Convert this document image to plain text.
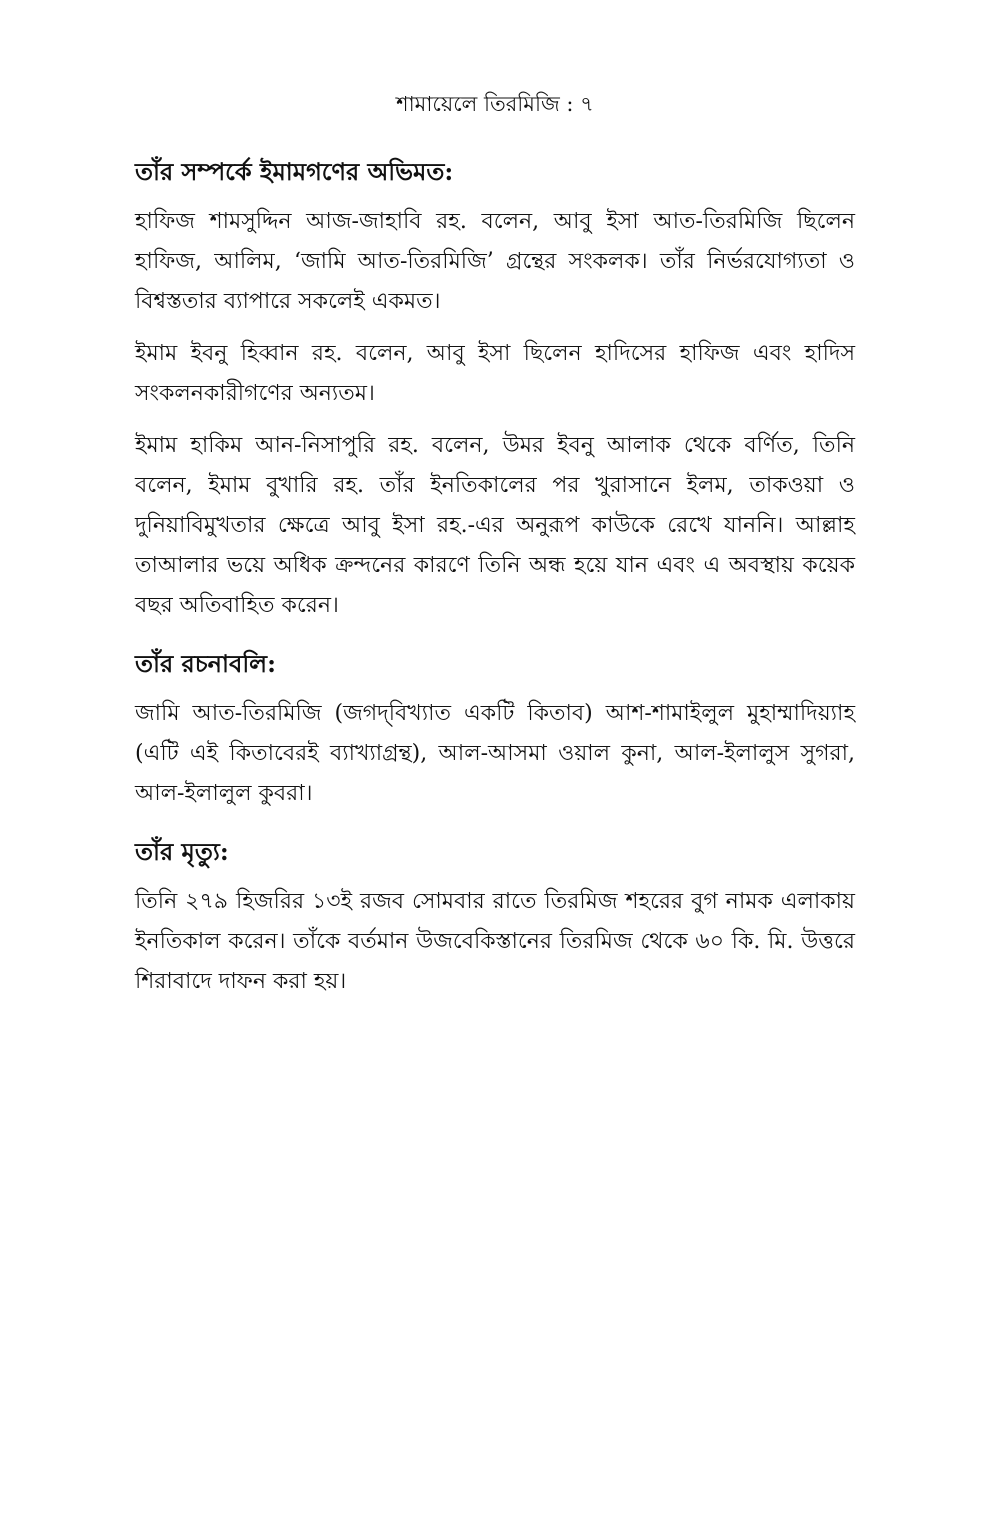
শামায়েলে তিরমিজি : ৭
তাঁর সম্পর্কে ইমামগণের অভিমত:

হাফিজ শামসুদ্দিন আজ-জাহাবি রহ. বলেন, আবু ইসা আত-তিরমিজি ছিলেন হাফিজ, আলিম, ‘জামি আত-তিরমিজি’ গ্রন্থের সংকলক। তাঁর নির্ভরযোগ্যতা ও বিশ্বস্ততার ব্যাপারে সকলেই একমত।

ইমাম ইবনু হিব্বান রহ. বলেন, আবু ইসা ছিলেন হাদিসের হাফিজ এবং হাদিস সংকলনকারীগণের অন্যতম।

ইমাম হাকিম আন-নিসাপুরি রহ. বলেন, উমর ইবনু আলাক থেকে বর্ণিত, তিনি বলেন, ইমাম বুখারি রহ. তাঁর ইনতিকালের পর খুরাসানে ইলম, তাকওয়া ও দুনিয়াবিমুখতার ক্ষেত্রে আবু ইসা রহ.-এর অনুরূপ কাউকে রেখে যাননি। আল্লাহ তাআলার ভয়ে অধিক ক্রন্দনের কারণে তিনি অন্ধ হয়ে যান এবং এ অবস্থায় কয়েক বছর অতিবাহিত করেন।

তাঁর রচনাবলি:

জামি আত-তিরমিজি (জগদ্‌বিখ্যাত একটি কিতাব) আশ-শামাইলুল মুহাম্মাদিয়্যাহ (এটি এই কিতাবেরই ব্যাখ্যাগ্রন্থ), আল-আসমা ওয়াল কুনা, আল-ইলালুস সুগরা, আল-ইলালুল কুবরা।

তাঁর মৃত্যু:

তিনি ২৭৯ হিজরির ১৩ই রজব সোমবার রাতে তিরমিজ শহরের বুগ নামক এলাকায় ইনতিকাল করেন। তাঁকে বর্তমান উজবেকিস্তানের তিরমিজ থেকে ৬০ কি. মি. উত্তরে শিরাবাদে দাফন করা হয়।
